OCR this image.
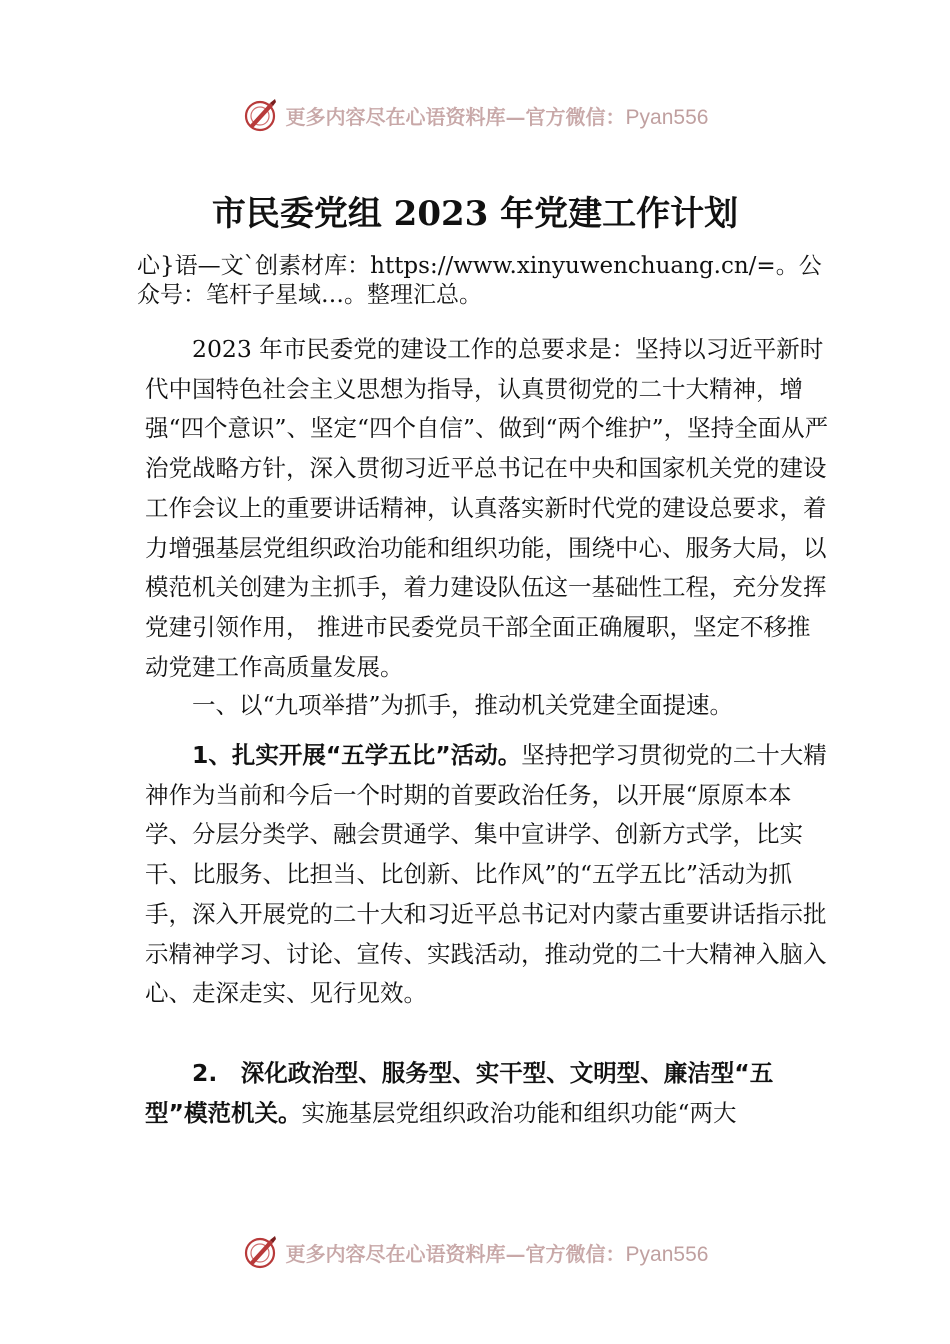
更多内容尽在心语资料库—官方微信：Pyan556
市民委党组 2023 年党建工作计划
心}语—文`创素材库：https://www.xinyuwenchuang.cn/=。公众号：笔杆子星域…。整理汇总。

2023 年市民委党的建设工作的总要求是：坚持以习近平新时代中国特色社会主义思想为指导，认真贯彻党的二十大精神，增强“四个意识”、坚定“四个自信”、做到“两个维护”，坚持全面从严治党战略方针，深入贯彻习近平总书记在中央和国家机关党的建设工作会议上的重要讲话精神，认真落实新时代党的建设总要求，着力增强基层党组织政治功能和组织功能，围绕中心、服务大局，以模范机关创建为主抓手，着力建设队伍这一基础性工程，充分发挥党建引领作用， 推进市民委党员干部全面正确履职，坚定不移推动党建工作高质量发展。

一、以“九项举措”为抓手，推动机关党建全面提速。

1、扎实开展“五学五比”活动。坚持把学习贯彻党的二十大精神作为当前和今后一个时期的首要政治任务，以开展“原原本本学、分层分类学、融会贯通学、集中宣讲学、创新方式学，比实干、比服务、比担当、比创新、比作风”的“五学五比”活动为抓手，深入开展党的二十大和习近平总书记对内蒙古重要讲话指示批示精神学习、讨论、宣传、实践活动，推动党的二十大精神入脑入心、走深走实、见行见效。

2.　深化政治型、服务型、实干型、文明型、廉洁型“五型”模范机关。实施基层党组织政治功能和组织功能“两大

更多内容尽在心语资料库—官方微信：Pyan556
